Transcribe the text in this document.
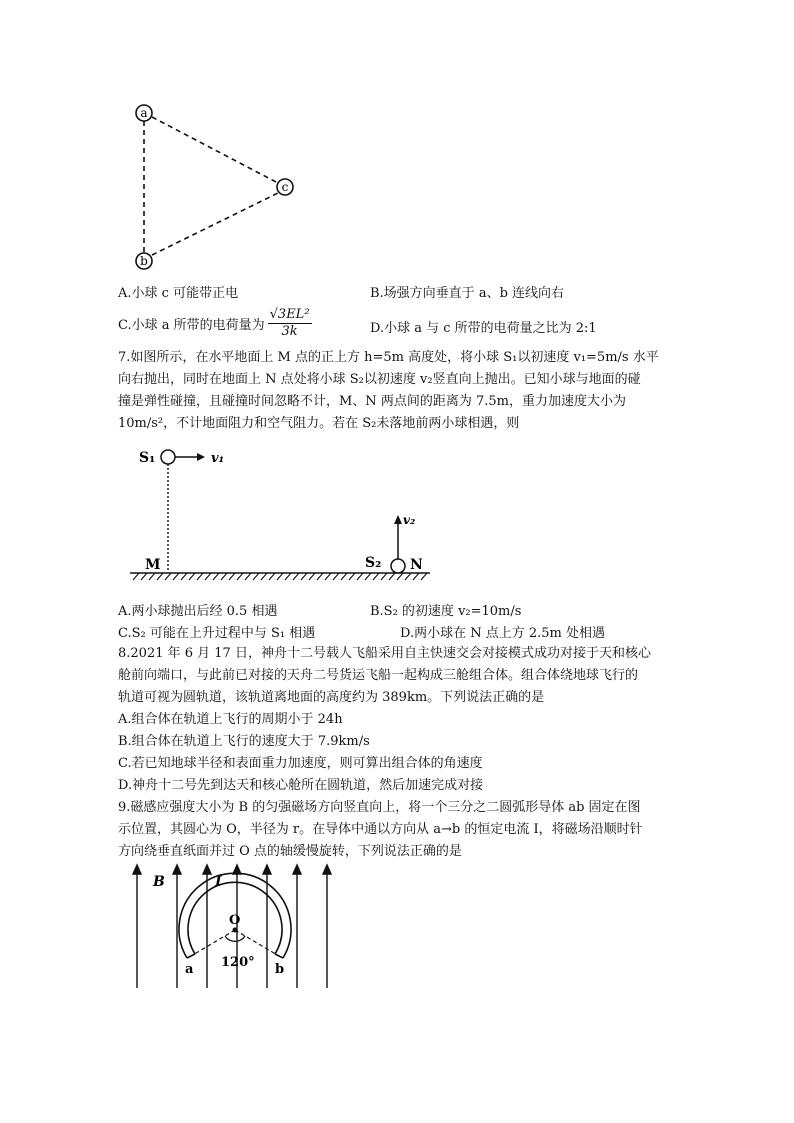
a
c
b
A.小球 c 可能带正电	B.场强方向垂直于 a、b 连线向右
C.小球 a 所带的电荷量为 $\frac{\text{√3EL²}}{3k}$	D.小球 a 与 c 所带的电荷量之比为 2:1
7.如图所示，在水平地面上 M 点的正上方 h=5m 高度处，将小球 S₁以初速度 v₁=5m/s 水平
向右抛出，同时在地面上 N 点处将小球 S₂以初速度 v₂竖直向上抛出。已知小球与地面的碰
撞是弹性碰撞，且碰撞时间忽略不计，M、N 两点间的距离为 7.5m，重力加速度大小为
10m/s²，不计地面阻力和空气阻力。若在 S₂未落地前两小球相遇，则
S₁	v₁
M
v₂
S₂ N
A.两小球抛出后经 0.5 相遇	B.S₂ 的初速度 v₂=10m/s
C.S₂ 可能在上升过程中与 S₁ 相遇	D.两小球在 N 点上方 2.5m 处相遇
8.2021 年 6 月 17 日，神舟十二号载人飞船采用自主快速交会对接模式成功对接于天和核心
舱前向端口，与此前已对接的天舟二号货运飞船一起构成三舱组合体。组合体绕地球飞行的
轨道可视为圆轨道，该轨道离地面的高度约为 389km。下列说法正确的是
A.组合体在轨道上飞行的周期小于 24h
B.组合体在轨道上飞行的速度大于 7.9km/s
C.若已知地球半径和表面重力加速度，则可算出组合体的角速度
D.神舟十二号先到达天和核心舱所在圆轨道，然后加速完成对接
9.磁感应强度大小为 B 的匀强磁场方向竖直向上，将一个三分之二圆弧形导体 ab 固定在图
示位置，其圆心为 O，半径为 r。在导体中通以方向从 a→b 的恒定电流 I，将磁场沿顺时针
方向绕垂直纸面并过 O 点的轴缓慢旋转，下列说法正确的是
B	I
O
a	b
120°
